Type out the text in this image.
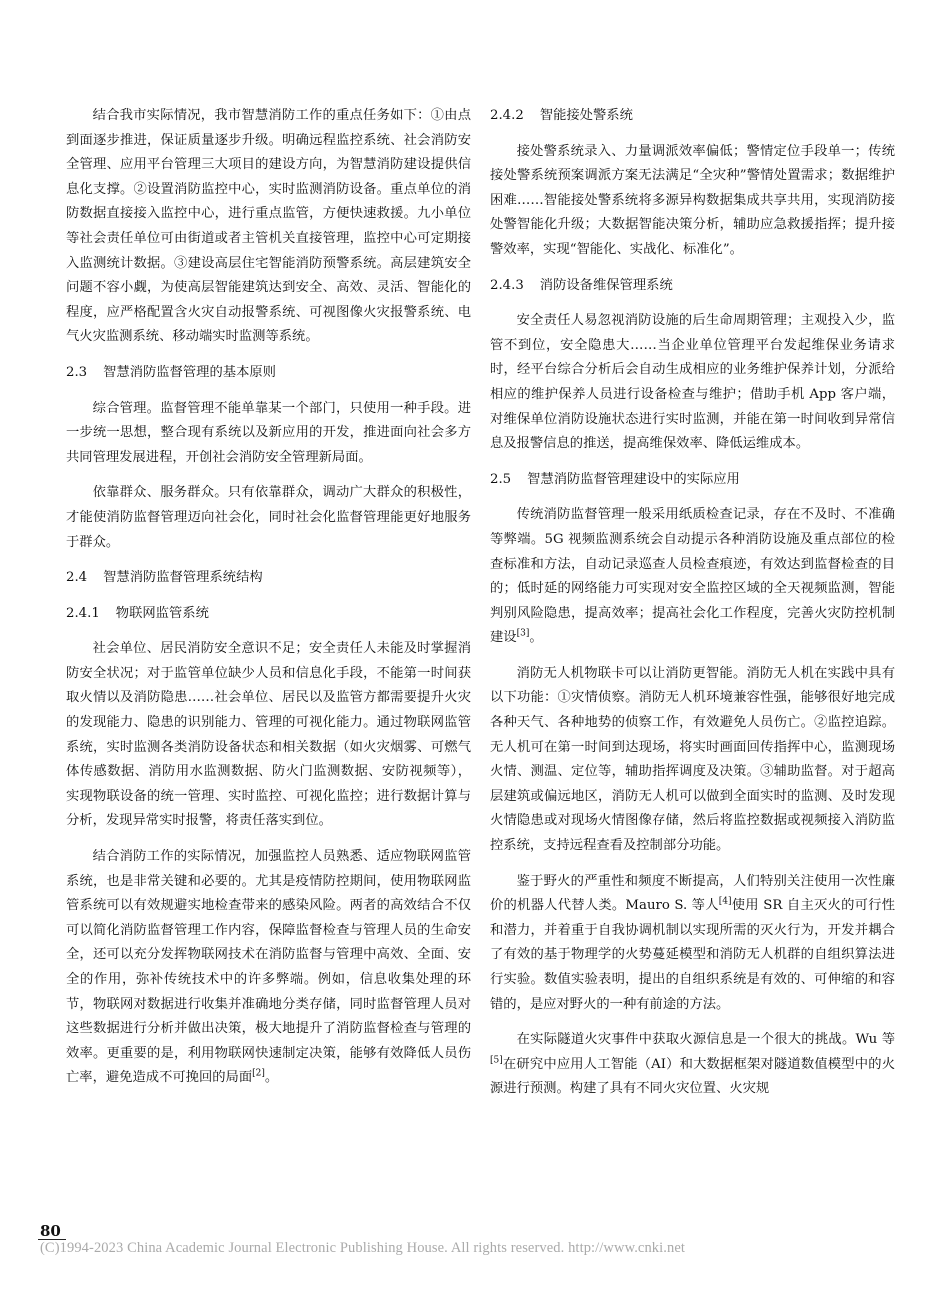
结合我市实际情况，我市智慧消防工作的重点任务如下：①由点到面逐步推进，保证质量逐步升级。明确远程监控系统、社会消防安全管理、应用平台管理三大项目的建设方向，为智慧消防建设提供信息化支撑。②设置消防监控中心，实时监测消防设备。重点单位的消防数据直接接入监控中心，进行重点监管，方便快速救援。九小单位等社会责任单位可由街道或者主管机关直接管理，监控中心可定期接入监测统计数据。③建设高层住宅智能消防预警系统。高层建筑安全问题不容小觑，为使高层智能建筑达到安全、高效、灵活、智能化的程度，应严格配置含火灾自动报警系统、可视图像火灾报警系统、电气火灾监测系统、移动端实时监测等系统。

2.3 智慧消防监督管理的基本原则

综合管理。监督管理不能单靠某一个部门，只使用一种手段。进一步统一思想，整合现有系统以及新应用的开发，推进面向社会多方共同管理发展进程，开创社会消防安全管理新局面。

依靠群众、服务群众。只有依靠群众，调动广大群众的积极性，才能使消防监督管理迈向社会化，同时社会化监督管理能更好地服务于群众。

2.4 智慧消防监督管理系统结构
2.4.1 物联网监管系统

社会单位、居民消防安全意识不足；安全责任人未能及时掌握消防安全状况；对于监管单位缺少人员和信息化手段，不能第一时间获取火情以及消防隐患……社会单位、居民以及监管方都需要提升火灾的发现能力、隐患的识别能力、管理的可视化能力。通过物联网监管系统，实时监测各类消防设备状态和相关数据（如火灾烟雾、可燃气体传感数据、消防用水监测数据、防火门监测数据、安防视频等），实现物联设备的统一管理、实时监控、可视化监控；进行数据计算与分析，发现异常实时报警，将责任落实到位。

结合消防工作的实际情况，加强监控人员熟悉、适应物联网监管系统，也是非常关键和必要的。尤其是疫情防控期间，使用物联网监管系统可以有效规避实地检查带来的感染风险。两者的高效结合不仅可以简化消防监督管理工作内容，保障监督检查与管理人员的生命安全，还可以充分发挥物联网技术在消防监督与管理中高效、全面、安全的作用，弥补传统技术中的许多弊端。例如，信息收集处理的环节，物联网对数据进行收集并准确地分类存储，同时监督管理人员对这些数据进行分析并做出决策，极大地提升了消防监督检查与管理的效率。更重要的是，利用物联网快速制定决策，能够有效降低人员伤亡率，避免造成不可挽回的局面[2]。

2.4.2 智能接处警系统

接处警系统录入、力量调派效率偏低；警情定位手段单一；传统接处警系统预案调派方案无法满足“全灾种”警情处置需求；数据维护困难……智能接处警系统将多源异构数据集成共享共用，实现消防接处警智能化升级；大数据智能决策分析，辅助应急救援指挥；提升接警效率，实现“智能化、实战化、标准化”。

2.4.3 消防设备维保管理系统

安全责任人易忽视消防设施的后生命周期管理；主观投入少，监管不到位，安全隐患大……当企业单位管理平台发起维保业务请求时，经平台综合分析后会自动生成相应的业务维护保养计划，分派给相应的维护保养人员进行设备检查与维护；借助手机 App 客户端，对维保单位消防设施状态进行实时监测，并能在第一时间收到异常信息及报警信息的推送，提高维保效率、降低运维成本。

2.5 智慧消防监督管理建设中的实际应用

传统消防监督管理一般采用纸质检查记录，存在不及时、不准确等弊端。5G 视频监测系统会自动提示各种消防设施及重点部位的检查标准和方法，自动记录巡查人员检查痕迹，有效达到监督检查的目的；低时延的网络能力可实现对安全监控区域的全天视频监测，智能判别风险隐患，提高效率；提高社会化工作程度，完善火灾防控机制建设[3]。

消防无人机物联卡可以让消防更智能。消防无人机在实践中具有以下功能：①灾情侦察。消防无人机环境兼容性强，能够很好地完成各种天气、各种地势的侦察工作，有效避免人员伤亡。②监控追踪。无人机可在第一时间到达现场，将实时画面回传指挥中心，监测现场火情、测温、定位等，辅助指挥调度及决策。③辅助监督。对于超高层建筑或偏远地区，消防无人机可以做到全面实时的监测、及时发现火情隐患或对现场火情图像存储，然后将监控数据或视频接入消防监控系统，支持远程查看及控制部分功能。

鉴于野火的严重性和频度不断提高，人们特别关注使用一次性廉价的机器人代替人类。Mauro S. 等人[4]使用 SR 自主灭火的可行性和潜力，并着重于自我协调机制以实现所需的灭火行为，开发并耦合了有效的基于物理学的火势蔓延模型和消防无人机群的自组织算法进行实验。数值实验表明，提出的自组织系统是有效的、可伸缩的和容错的，是应对野火的一种有前途的方法。

在实际隧道火灾事件中获取火源信息是一个很大的挑战。Wu 等[5]在研究中应用人工智能（AI）和大数据框架对隧道数值模型中的火源进行预测。构建了具有不同火灾位置、火灾规

80
(C)1994-2023 China Academic Journal Electronic Publishing House. All rights reserved. http://www.cnki.net
